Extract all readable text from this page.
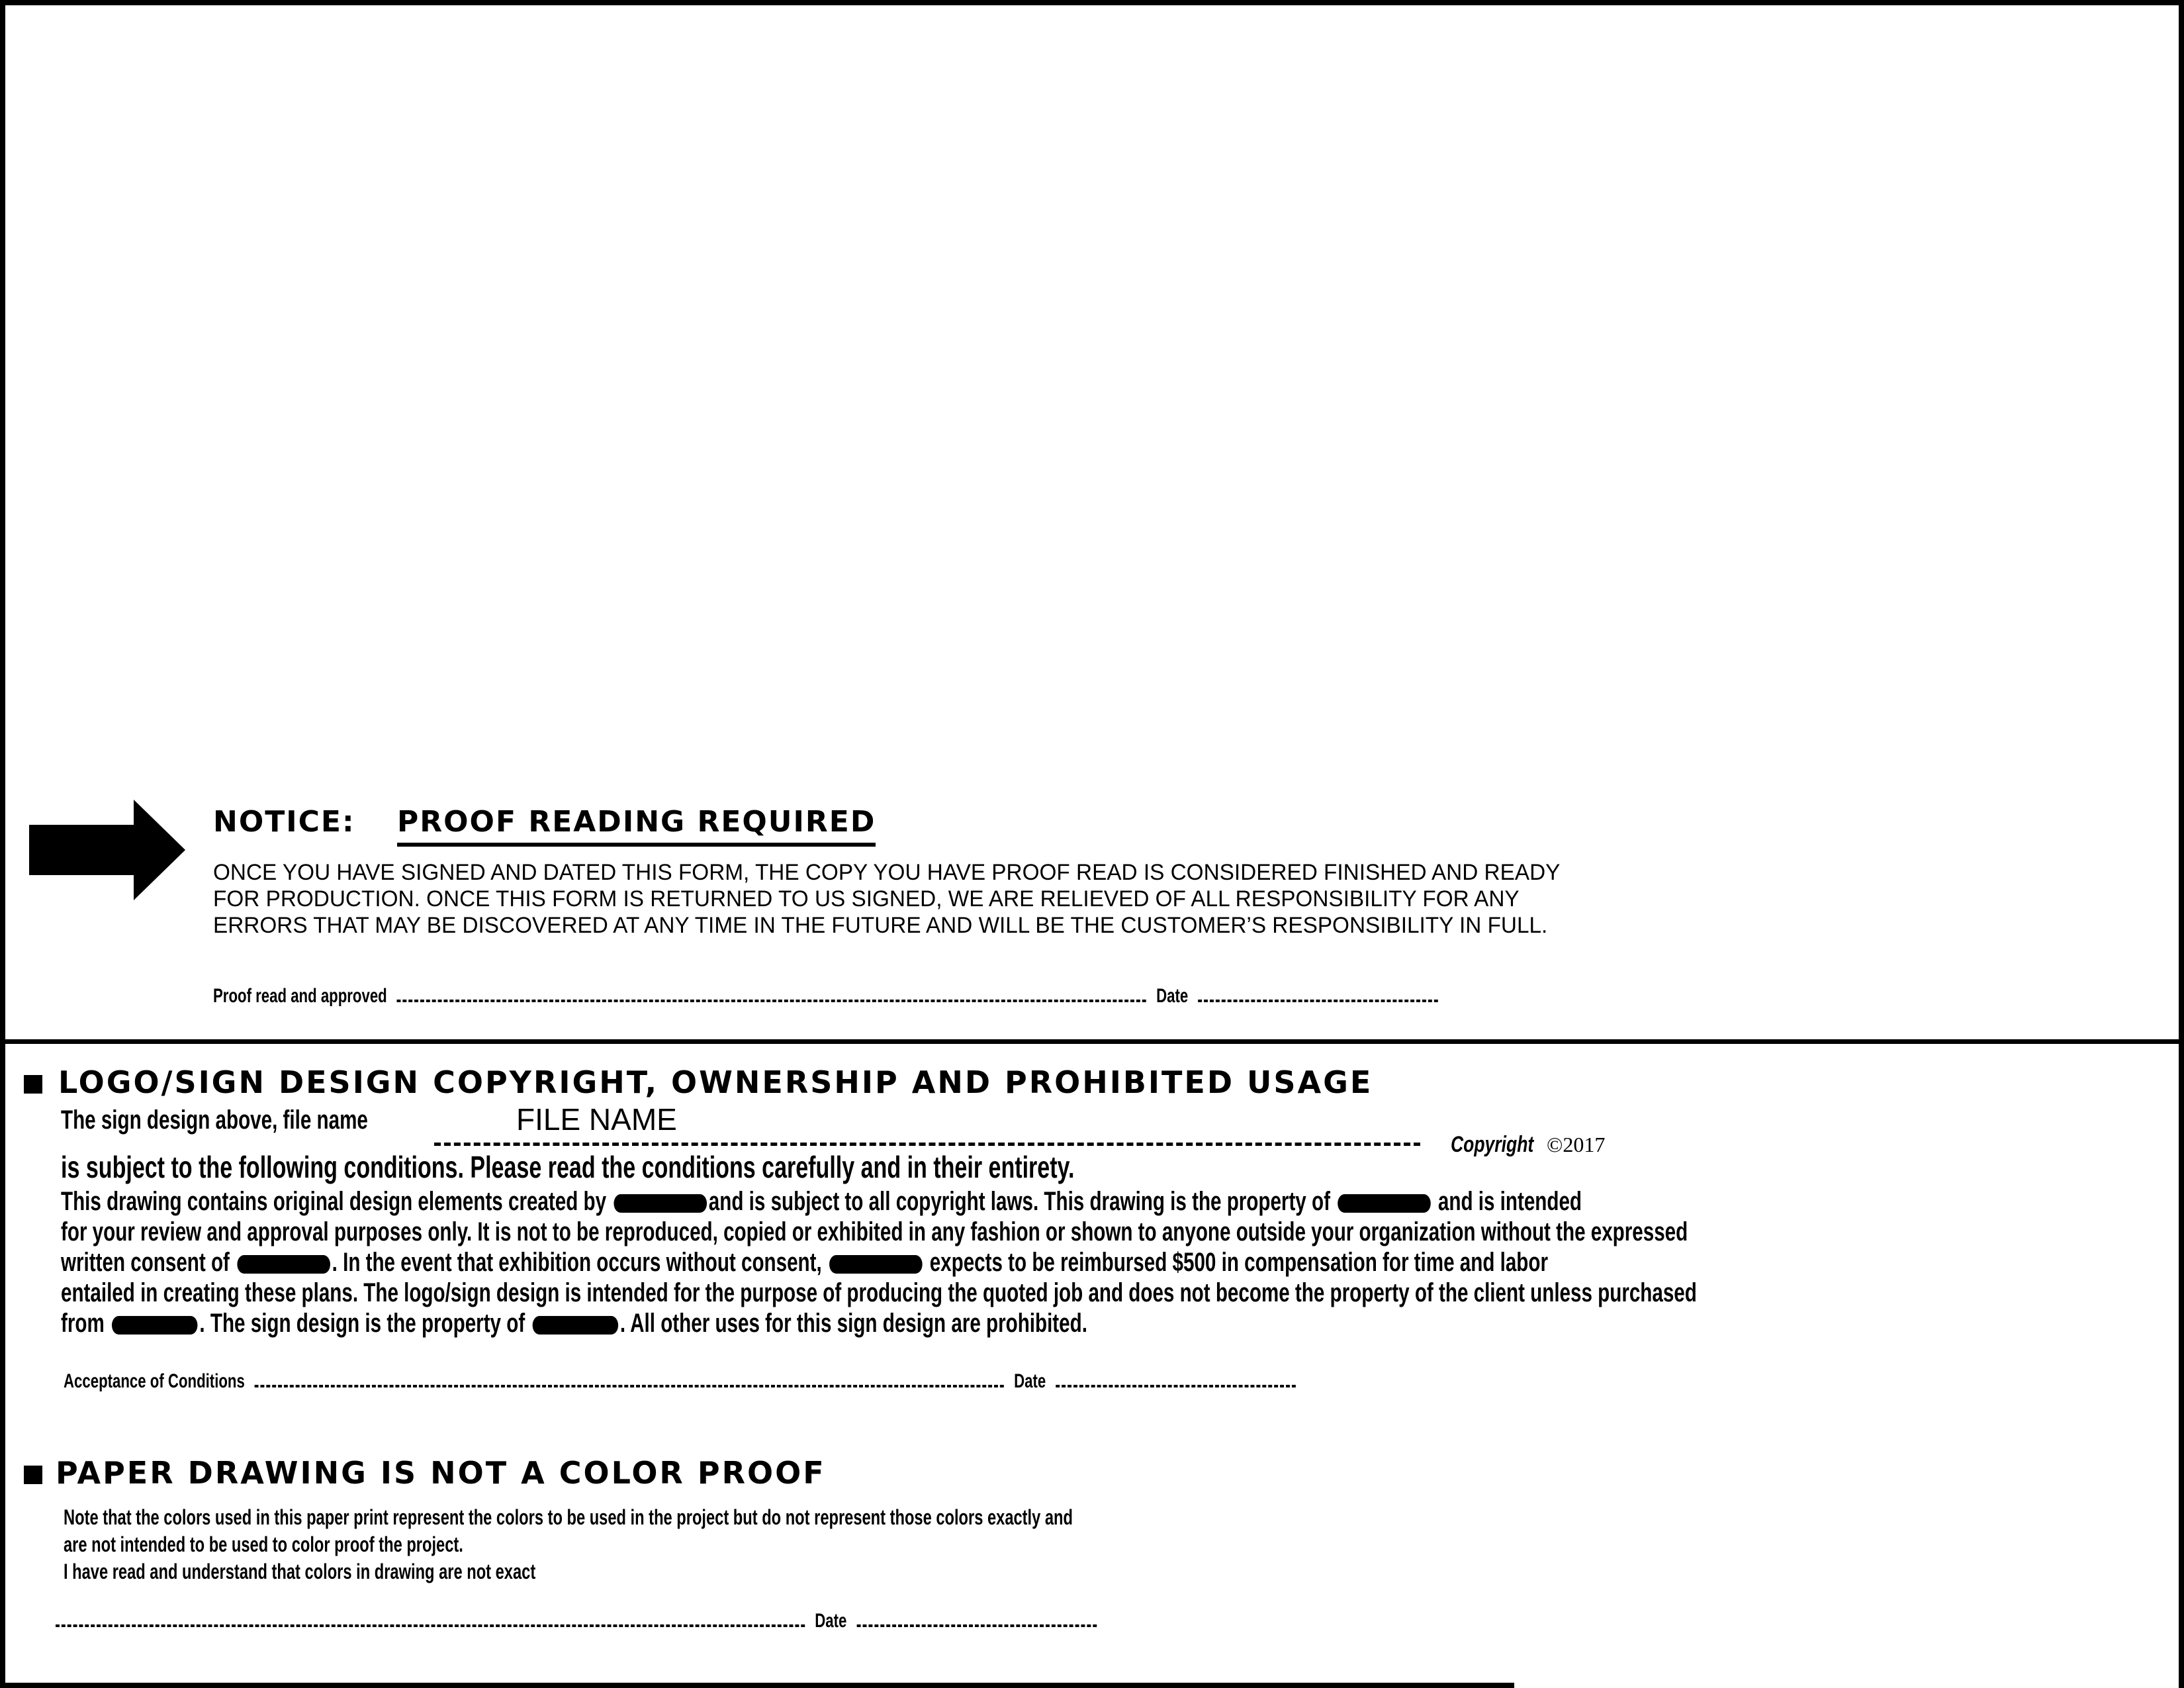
NOTICE: PROOF READING REQUIRED
ONCE YOU HAVE SIGNED AND DATED THIS FORM, THE COPY YOU HAVE PROOF READ IS CONSIDERED FINISHED AND READY
FOR PRODUCTION. ONCE THIS FORM IS RETURNED TO US SIGNED, WE ARE RELIEVED OF ALL RESPONSIBILITY FOR ANY
ERRORS THAT MAY BE DISCOVERED AT ANY TIME IN THE FUTURE AND WILL BE THE CUSTOMER’S RESPONSIBILITY IN FULL.
Proof read and approved	Date
LOGO/SIGN DESIGN COPYRIGHT, OWNERSHIP AND PROHIBITED USAGE
The sign design above, file name	FILE NAME
Copyright ©2017
is subject to the following conditions. Please read the conditions carefully and in their entirety.
This drawing contains original design elements created by	and is subject to all copyright laws. This drawing is the property of	and is intended
for your review and approval purposes only. It is not to be reproduced, copied or exhibited in any fashion or shown to anyone outside your organization without the expressed
written consent of	. In the event that exhibition occurs without consent,	expects to be reimbursed $500 in compensation for time and labor
entailed in creating these plans. The logo/sign design is intended for the purpose of producing the quoted job and does not become the property of the client unless purchased
from	. The sign design is the property of	. All other uses for this sign design are prohibited.
Acceptance of Conditions	Date
PAPER DRAWING IS NOT A COLOR PROOF
Note that the colors used in this paper print represent the colors to be used in the project but do not represent those colors exactly and
are not intended to be used to color proof the project.
I have read and understand that colors in drawing are not exact
Date
